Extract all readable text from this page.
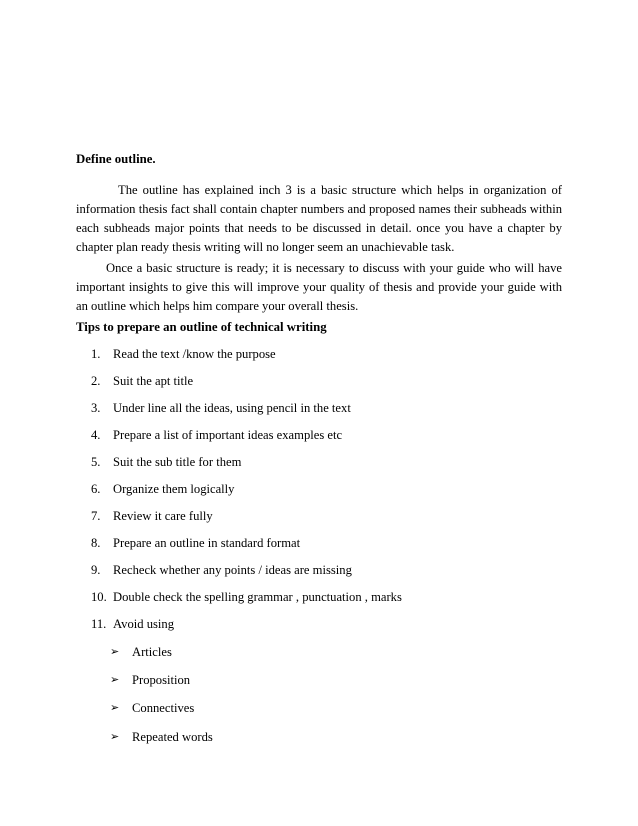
Define outline.
The outline has explained inch 3 is a basic structure which helps in organization of information thesis fact shall contain chapter numbers and proposed names their subheads within each subheads major points that needs to be discussed in detail. once you have a chapter by chapter plan ready thesis writing will no longer seem an unachievable task.
Once a basic structure is ready; it is necessary to discuss with your guide who will have important insights to give this will improve your quality of thesis and provide your guide with an outline which helps him compare your overall thesis.
Tips to prepare an outline of technical writing
1. Read the text /know the purpose
2. Suit the apt title
3. Under line all the ideas, using pencil in the text
4. Prepare a list of important ideas examples etc
5. Suit the sub title for them
6. Organize them logically
7. Review it care fully
8. Prepare an outline in standard format
9. Recheck whether any points / ideas are missing
10. Double check the spelling grammar , punctuation , marks
11. Avoid using
➢ Articles
➢ Proposition
➢ Connectives
➢ Repeated words
